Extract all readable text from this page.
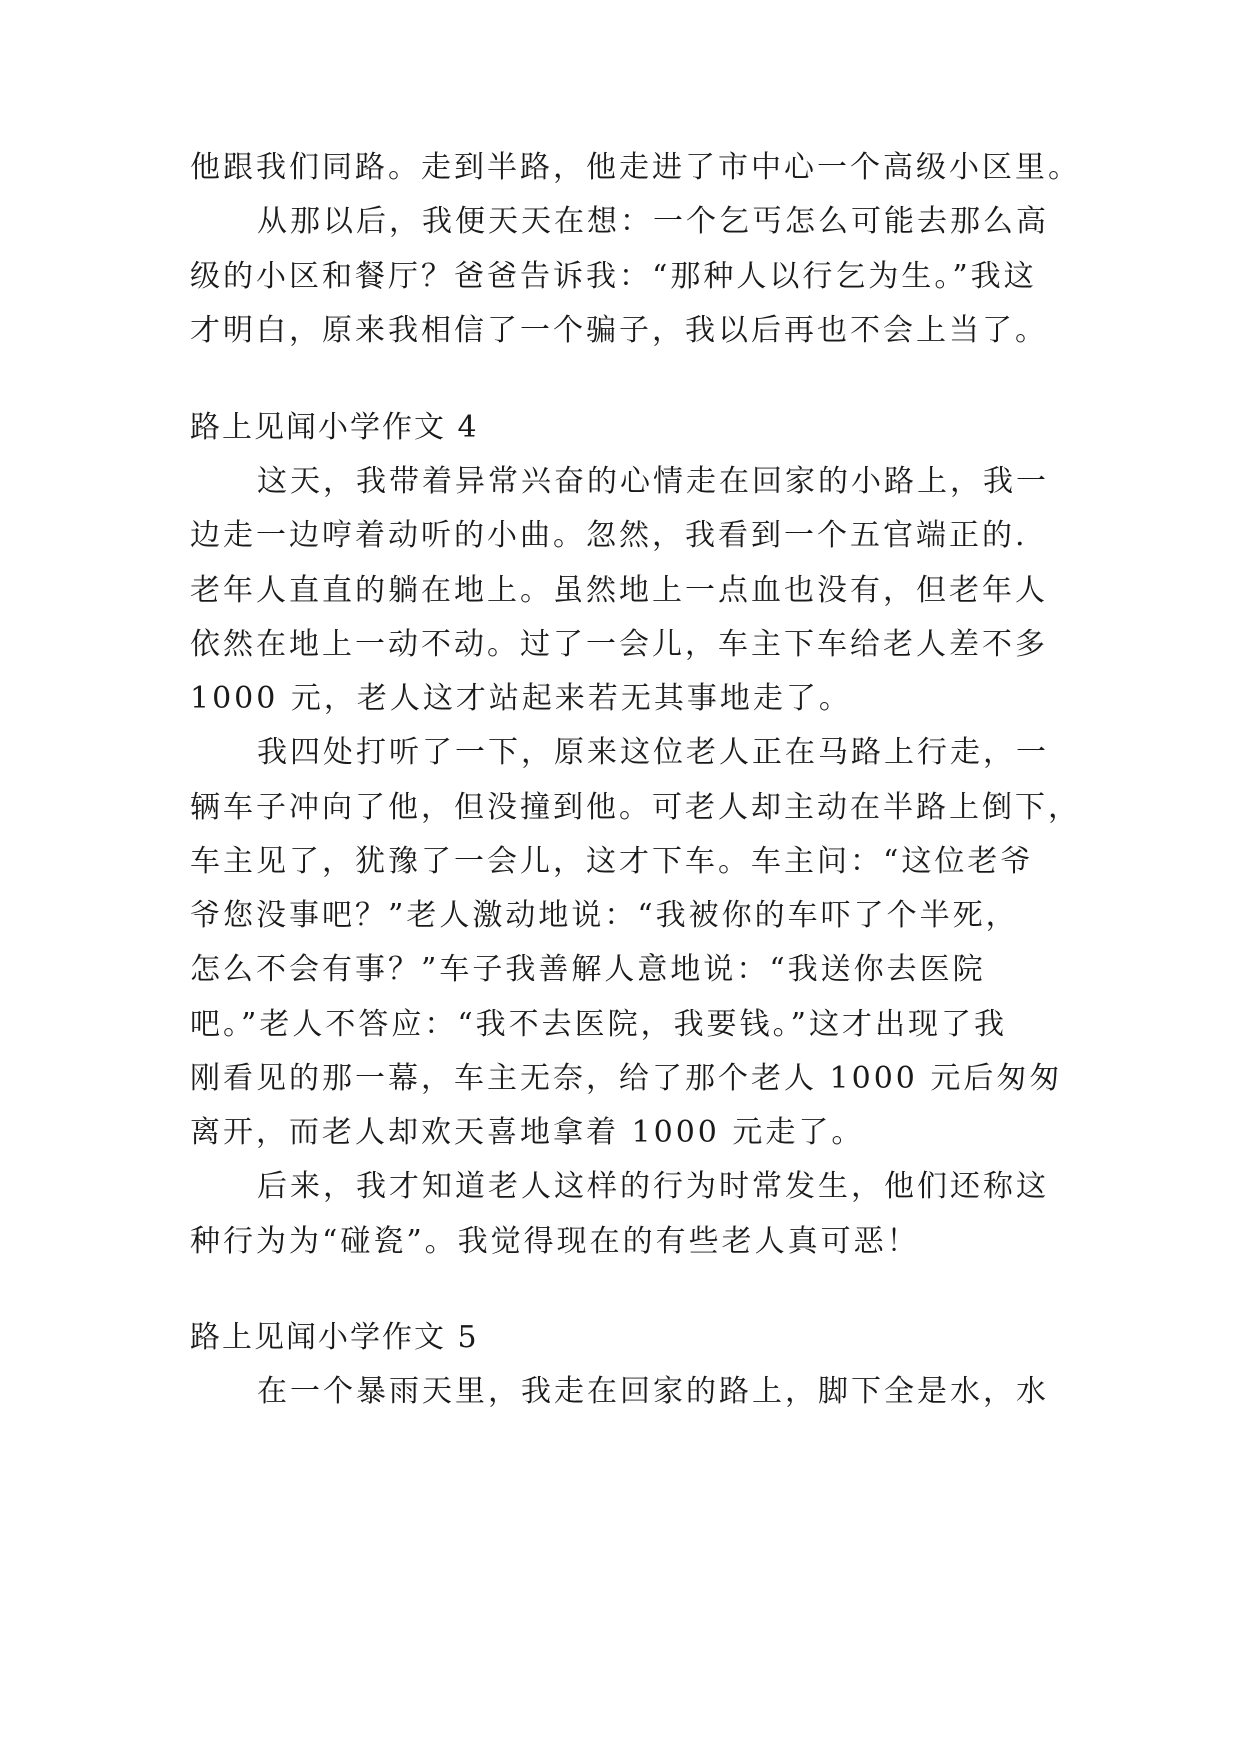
他跟我们同路。走到半路，他走进了市中心一个高级小区里。
从那以后，我便天天在想：一个乞丐怎么可能去那么高
级的小区和餐厅？爸爸告诉我：“那种人以行乞为生。”我这
才明白，原来我相信了一个骗子，我以后再也不会上当了。
路上见闻小学作文 4
这天，我带着异常兴奋的心情走在回家的小路上，我一
边走一边哼着动听的小曲。忽然，我看到一个五官端正的.
老年人直直的躺在地上。虽然地上一点血也没有，但老年人
依然在地上一动不动。过了一会儿，车主下车给老人差不多
1000 元，老人这才站起来若无其事地走了。
我四处打听了一下，原来这位老人正在马路上行走，一
辆车子冲向了他，但没撞到他。可老人却主动在半路上倒下，
车主见了，犹豫了一会儿，这才下车。车主问：“这位老爷
爷您没事吧？”老人激动地说：“我被你的车吓了个半死，
怎么不会有事？”车子我善解人意地说：“我送你去医院
吧。”老人不答应：“我不去医院，我要钱。”这才出现了我
刚看见的那一幕，车主无奈，给了那个老人 1000 元后匆匆
离开，而老人却欢天喜地拿着 1000 元走了。
后来，我才知道老人这样的行为时常发生，他们还称这
种行为为“碰瓷”。我觉得现在的有些老人真可恶！
路上见闻小学作文 5
在一个暴雨天里，我走在回家的路上，脚下全是水，水
